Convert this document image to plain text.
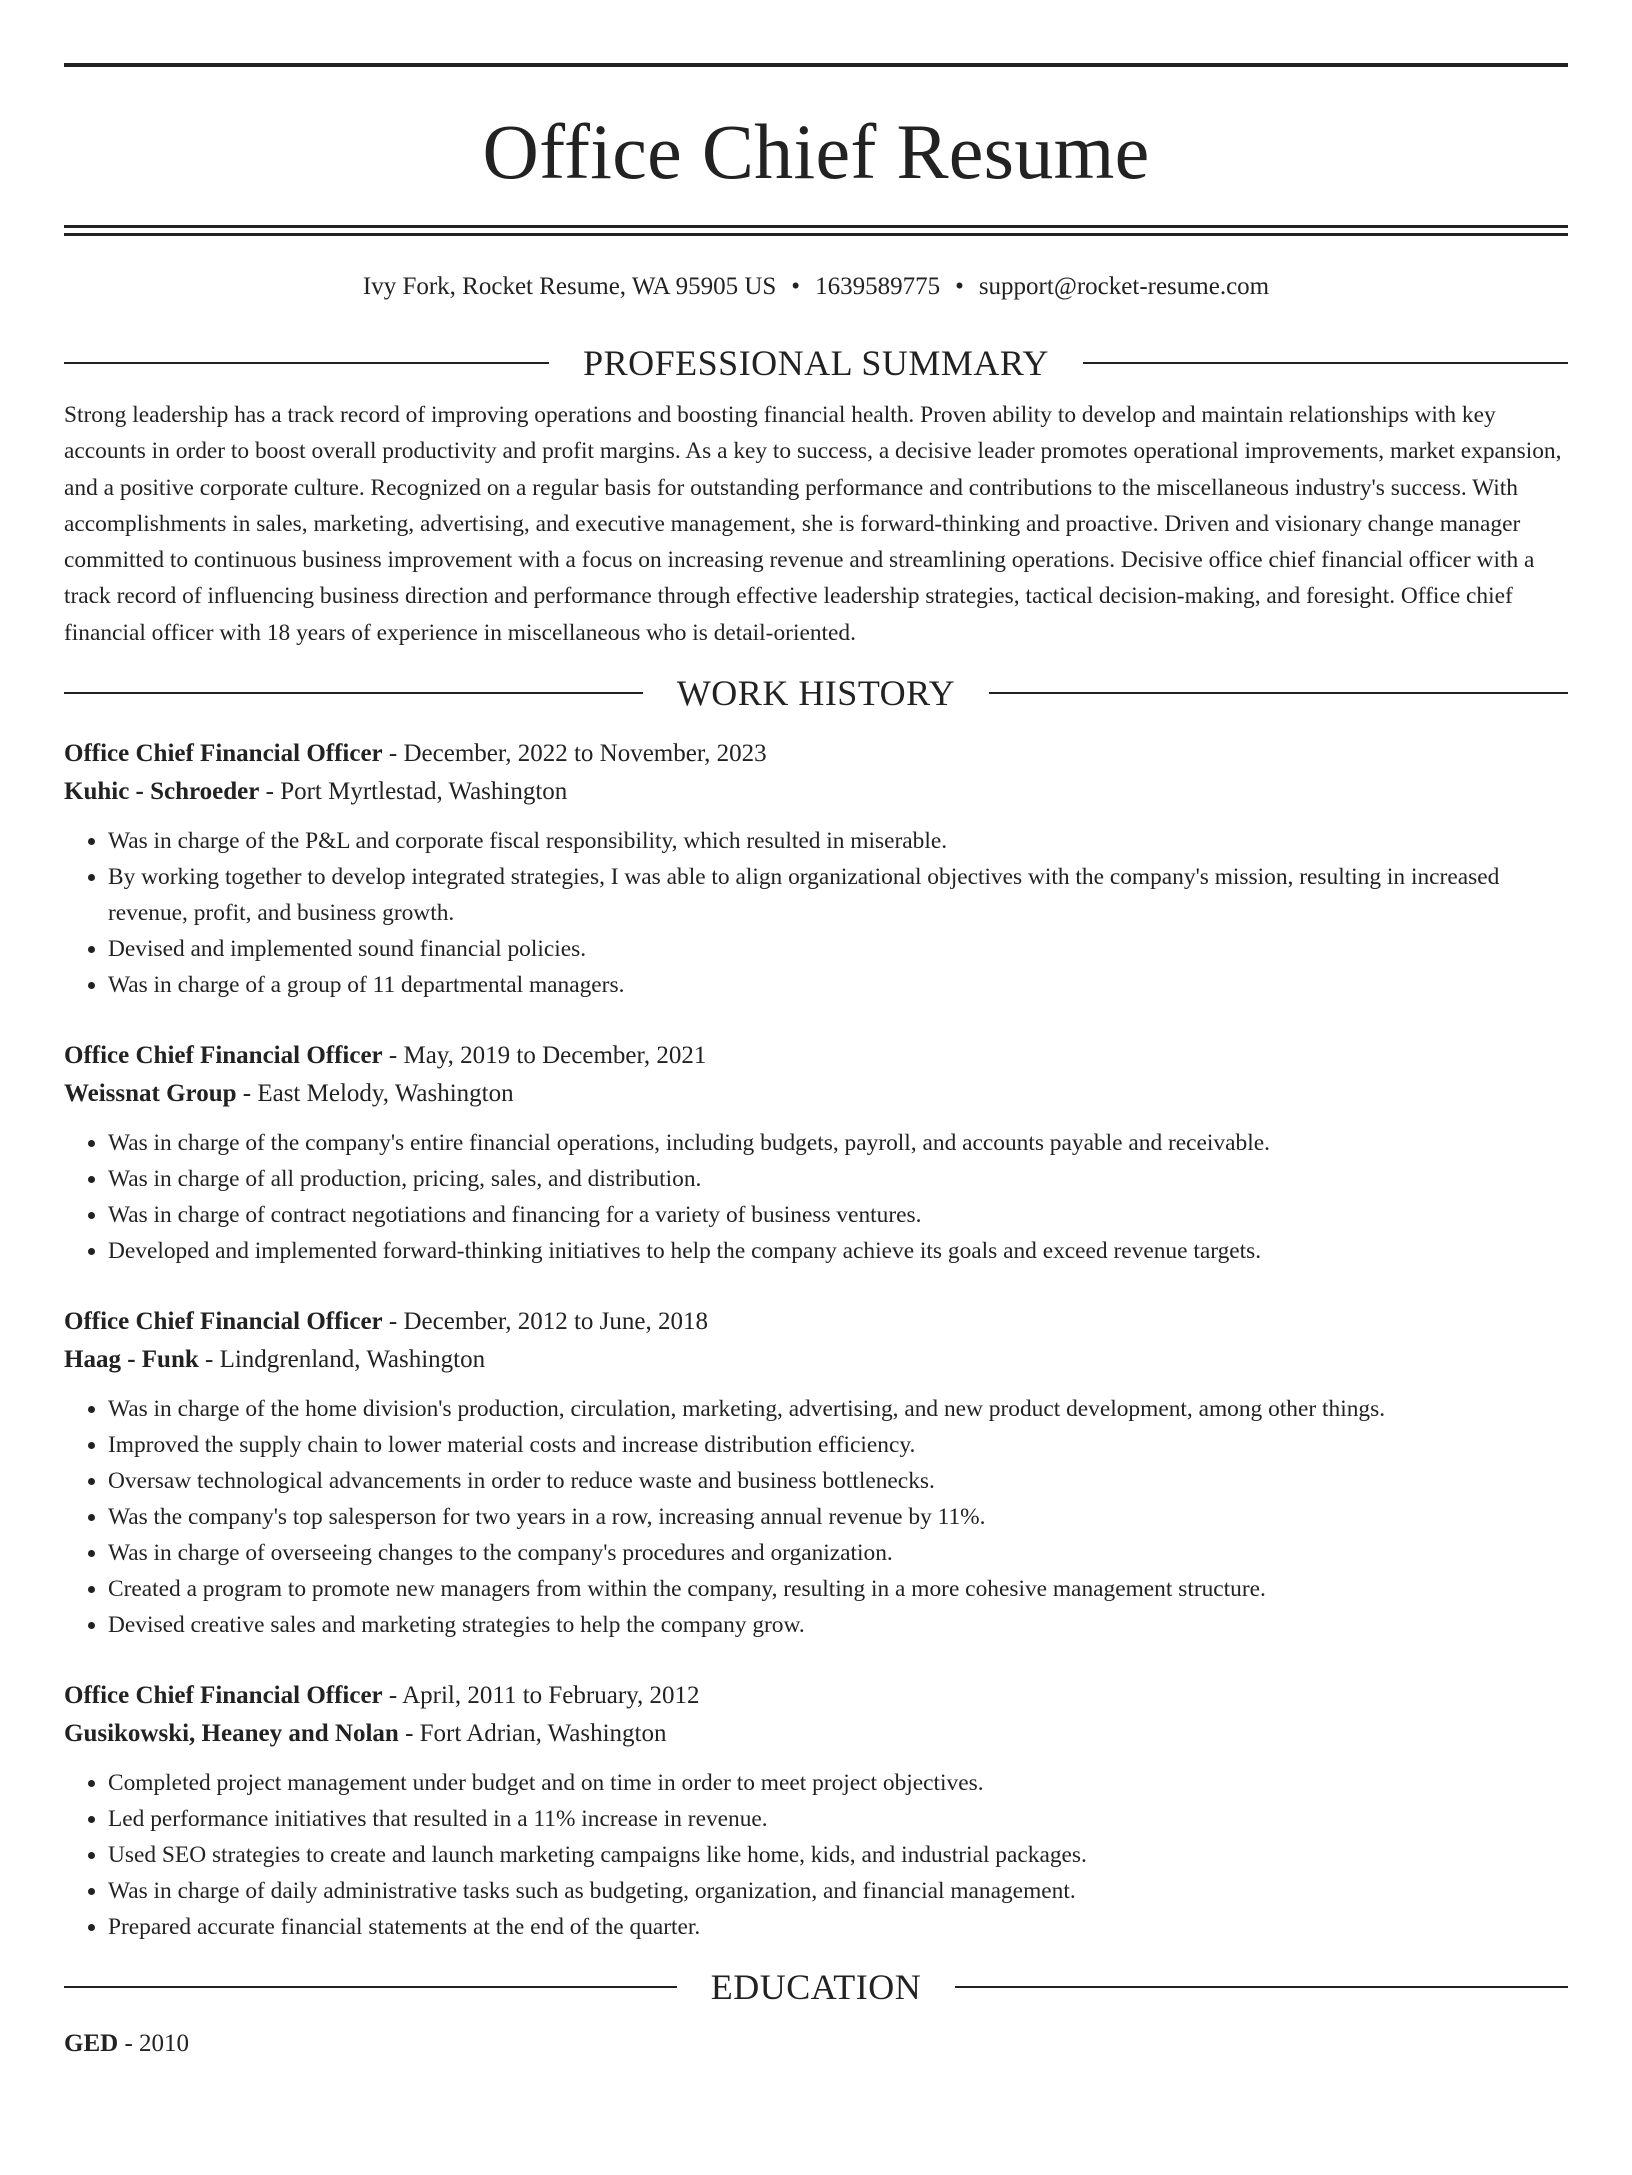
Office Chief Resume
Ivy Fork, Rocket Resume, WA 95905 US • 1639589775 • support@rocket-resume.com
PROFESSIONAL SUMMARY
Strong leadership has a track record of improving operations and boosting financial health. Proven ability to develop and maintain relationships with key accounts in order to boost overall productivity and profit margins. As a key to success, a decisive leader promotes operational improvements, market expansion, and a positive corporate culture. Recognized on a regular basis for outstanding performance and contributions to the miscellaneous industry's success. With accomplishments in sales, marketing, advertising, and executive management, she is forward-thinking and proactive. Driven and visionary change manager committed to continuous business improvement with a focus on increasing revenue and streamlining operations. Decisive office chief financial officer with a track record of influencing business direction and performance through effective leadership strategies, tactical decision-making, and foresight. Office chief financial officer with 18 years of experience in miscellaneous who is detail-oriented.
WORK HISTORY
Office Chief Financial Officer - December, 2022 to November, 2023
Kuhic - Schroeder - Port Myrtlestad, Washington
• Was in charge of the P&L and corporate fiscal responsibility, which resulted in miserable.
• By working together to develop integrated strategies, I was able to align organizational objectives with the company's mission, resulting in increased revenue, profit, and business growth.
• Devised and implemented sound financial policies.
• Was in charge of a group of 11 departmental managers.
Office Chief Financial Officer - May, 2019 to December, 2021
Weissnat Group - East Melody, Washington
• Was in charge of the company's entire financial operations, including budgets, payroll, and accounts payable and receivable.
• Was in charge of all production, pricing, sales, and distribution.
• Was in charge of contract negotiations and financing for a variety of business ventures.
• Developed and implemented forward-thinking initiatives to help the company achieve its goals and exceed revenue targets.
Office Chief Financial Officer - December, 2012 to June, 2018
Haag - Funk - Lindgrenland, Washington
• Was in charge of the home division's production, circulation, marketing, advertising, and new product development, among other things.
• Improved the supply chain to lower material costs and increase distribution efficiency.
• Oversaw technological advancements in order to reduce waste and business bottlenecks.
• Was the company's top salesperson for two years in a row, increasing annual revenue by 11%.
• Was in charge of overseeing changes to the company's procedures and organization.
• Created a program to promote new managers from within the company, resulting in a more cohesive management structure.
• Devised creative sales and marketing strategies to help the company grow.
Office Chief Financial Officer - April, 2011 to February, 2012
Gusikowski, Heaney and Nolan - Fort Adrian, Washington
• Completed project management under budget and on time in order to meet project objectives.
• Led performance initiatives that resulted in a 11% increase in revenue.
• Used SEO strategies to create and launch marketing campaigns like home, kids, and industrial packages.
• Was in charge of daily administrative tasks such as budgeting, organization, and financial management.
• Prepared accurate financial statements at the end of the quarter.
EDUCATION
GED - 2010
